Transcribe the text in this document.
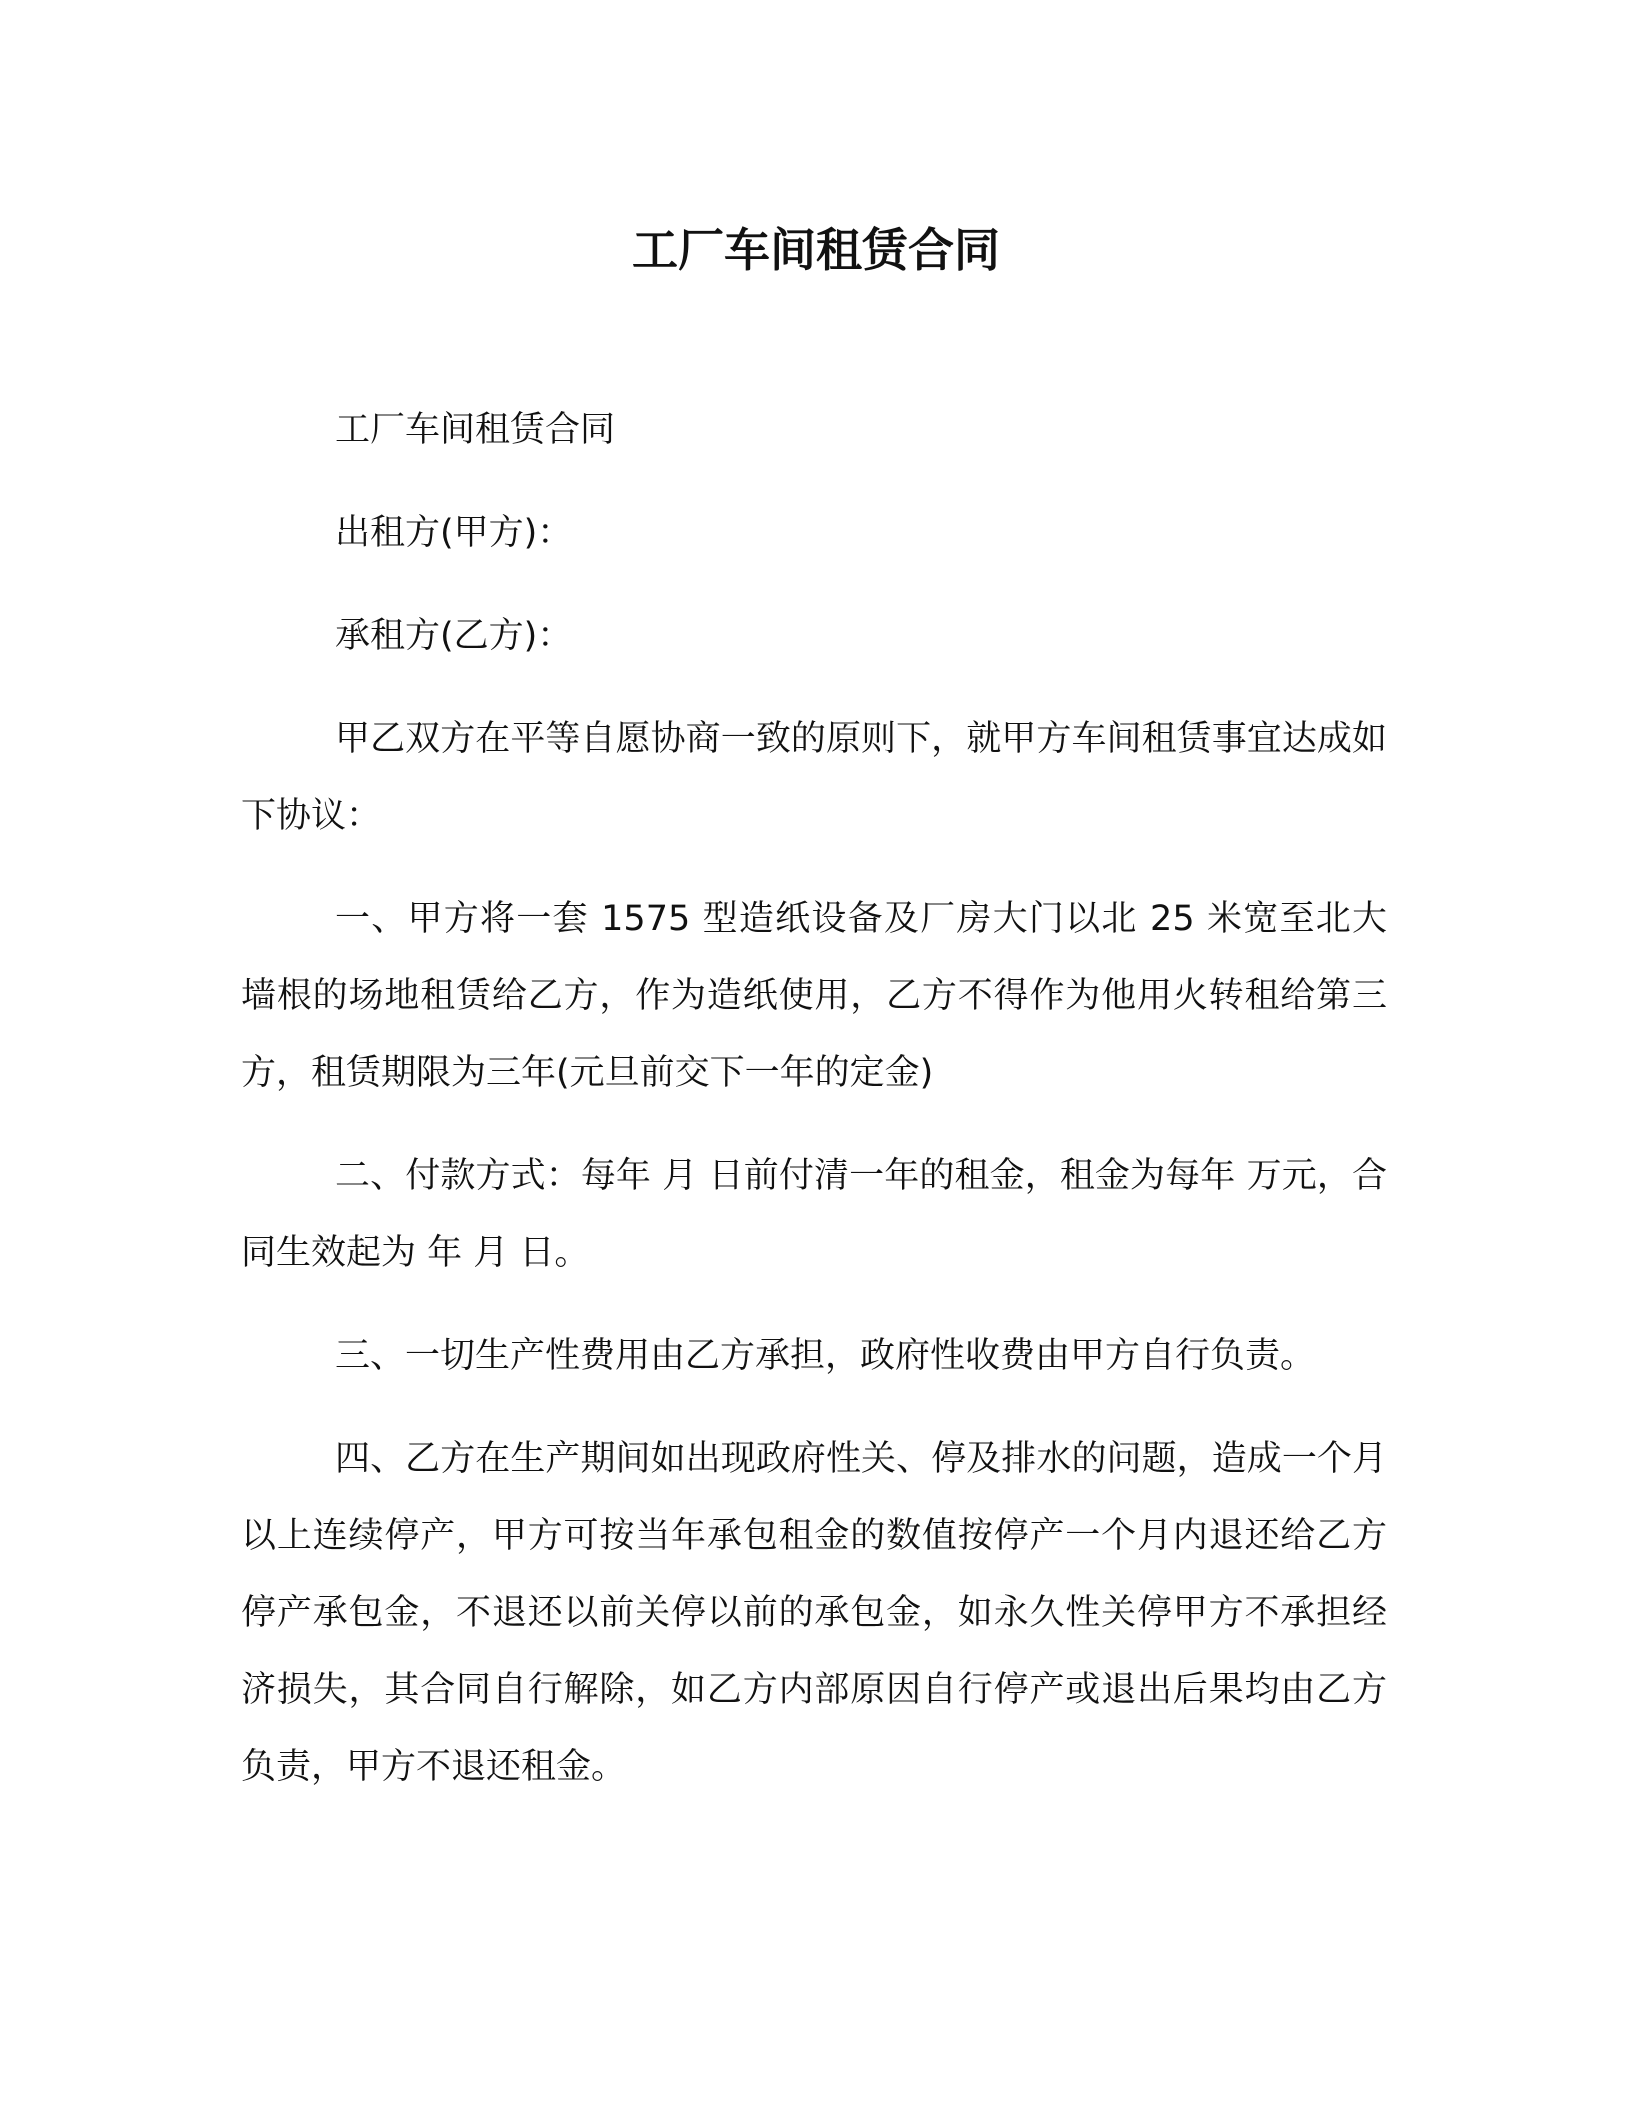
工厂车间租赁合同

工厂车间租赁合同

出租方(甲方)：

承租方(乙方)：

甲乙双方在平等自愿协商一致的原则下，就甲方车间租赁事宜达成如下协议：

一、甲方将一套 1575 型造纸设备及厂房大门以北 25 米宽至北大墙根的场地租赁给乙方，作为造纸使用，乙方不得作为他用火转租给第三方，租赁期限为三年(元旦前交下一年的定金)

二、付款方式：每年 月 日前付清一年的租金，租金为每年 万元，合同生效起为 年 月 日。

三、一切生产性费用由乙方承担，政府性收费由甲方自行负责。

四、乙方在生产期间如出现政府性关、停及排水的问题，造成一个月以上连续停产，甲方可按当年承包租金的数值按停产一个月内退还给乙方停产承包金，不退还以前关停以前的承包金，如永久性关停甲方不承担经济损失，其合同自行解除，如乙方内部原因自行停产或退出后果均由乙方负责，甲方不退还租金。
